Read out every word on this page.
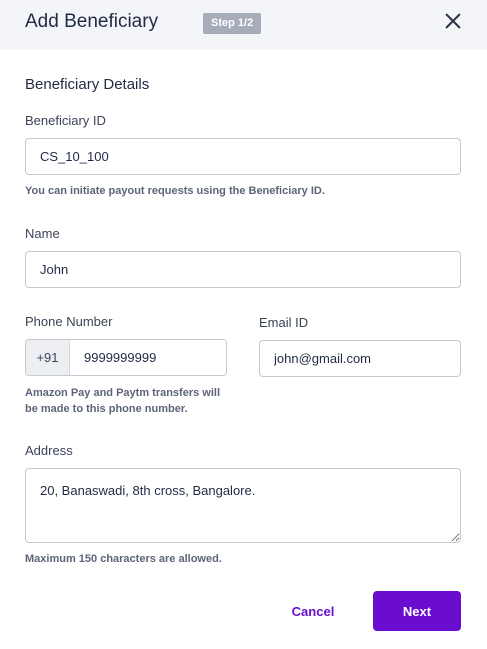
Add Beneficiary	Step 1/2
Beneficiary Details
Beneficiary ID
CS_10_100
You can initiate payout requests using the Beneficiary ID.
Name
John
Phone Number
+91
9999999999
Amazon Pay and Paytm transfers will
be made to this phone number.
Email ID
john@gmail.com
Address
20, Banaswadi, 8th cross, Bangalore.
Maximum 150 characters are allowed.
Cancel	Next
